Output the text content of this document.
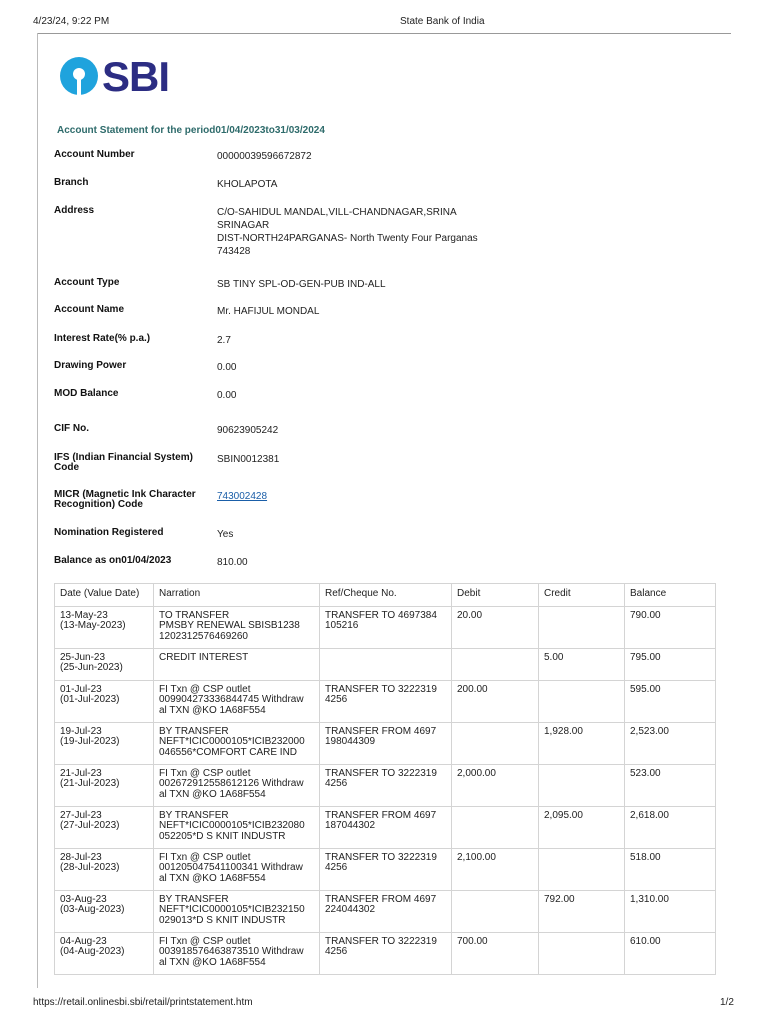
4/23/24, 9:22 PM	State Bank of India
SBI
Account Statement for the period01/04/2023to31/03/2024
Account Number	00000039596672872
Branch	KHOLAPOTA
Address	C/O-SAHIDUL MANDAL,VILL-CHANDNAGAR,SRINA
SRINAGAR
DIST-NORTH24PARGANAS- North Twenty Four Parganas
743428
Account Type	SB TINY SPL-OD-GEN-PUB IND-ALL
Account Name	Mr. HAFIJUL MONDAL
Interest Rate(% p.a.)	2.7
Drawing Power	0.00
MOD Balance	0.00
CIF No.	90623905242
IFS (Indian Financial System) Code
SBIN0012381
MICR (Magnetic Ink Character Recognition) Code
743002428
Nomination Registered	Yes
Balance as on01/04/2023	810.00
Date (Value Date)	Narration	Ref/Cheque No.	Debit	Credit	Balance

13-May-23
(13-May-2023)	TO TRANSFER
PMSBY RENEWAL SBISB1238
1202312576469260	TRANSFER TO 4697384
105216	20.00		790.00

25-Jun-23
(25-Jun-2023)	CREDIT INTEREST			5.00	795.00

01-Jul-23
(01-Jul-2023)	FI Txn @ CSP outlet
009904273336844745 Withdraw
al TXN @KO 1A68F554	TRANSFER TO 3222319
4256	200.00		595.00

19-Jul-23
(19-Jul-2023)	BY TRANSFER
NEFT*ICIC0000105*ICIB232000
046556*COMFORT CARE IND	TRANSFER FROM 4697
198044309		1,928.00	2,523.00

21-Jul-23
(21-Jul-2023)	FI Txn @ CSP outlet
002672912558612126 Withdraw
al TXN @KO 1A68F554	TRANSFER TO 3222319
4256	2,000.00		523.00

27-Jul-23
(27-Jul-2023)	BY TRANSFER
NEFT*ICIC0000105*ICIB232080
052205*D S KNIT INDUSTR	TRANSFER FROM 4697
187044302		2,095.00	2,618.00

28-Jul-23
(28-Jul-2023)	FI Txn @ CSP outlet
001205047541100341 Withdraw
al TXN @KO 1A68F554	TRANSFER TO 3222319
4256	2,100.00		518.00

03-Aug-23
(03-Aug-2023)	BY TRANSFER
NEFT*ICIC0000105*ICIB232150
029013*D S KNIT INDUSTR	TRANSFER FROM 4697
224044302		792.00	1,310.00

04-Aug-23
(04-Aug-2023)	FI Txn @ CSP outlet
003918576463873510 Withdraw
al TXN @KO 1A68F554	TRANSFER TO 3222319
4256	700.00		610.00
https://retail.onlinesbi.sbi/retail/printstatement.htm	1/2
